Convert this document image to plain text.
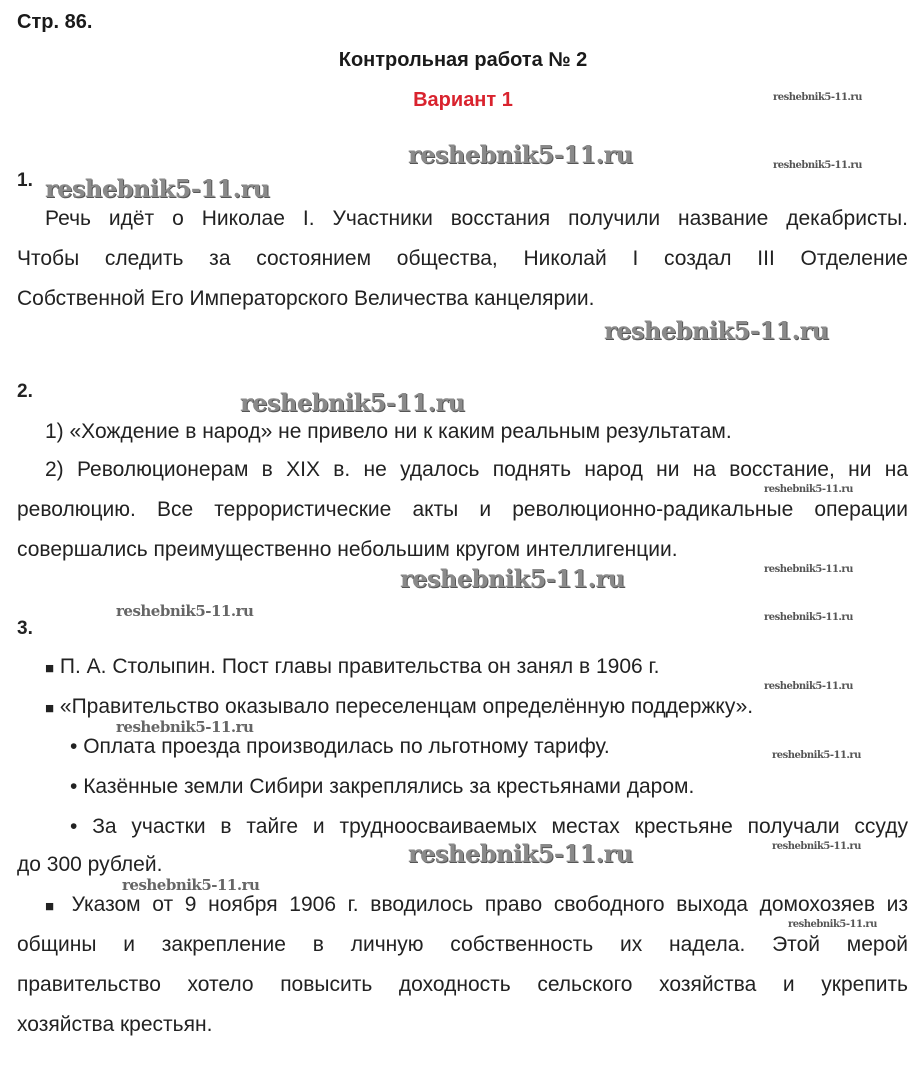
Стр. 86.
Контрольная работа № 2
Вариант 1
1.
Речь идёт о Николае I. Участники восстания получили название декабристы.
Чтобы следить за состоянием общества, Николай I создал III Отделение
Собственной Его Императорского Величества канцелярии.
2.
1) «Хождение в народ» не привело ни к каким реальным результатам.
2) Революционерам в XIX в. не удалось поднять народ ни на восстание, ни на
революцию. Все террористические акты и революционно-радикальные операции
совершались преимущественно небольшим кругом интеллигенции.
3.
■ П. А. Столыпин. Пост главы правительства он занял в 1906 г.
■ «Правительство оказывало переселенцам определённую поддержку».
• Оплата проезда производилась по льготному тарифу.
• Казённые земли Сибири закреплялись за крестьянами даром.
• За участки в тайге и трудноосваиваемых местах крестьяне получали ссуду
до 300 рублей.
■ Указом от 9 ноября 1906 г. вводилось право свободного выхода домохозяев из
общины и закрепление в личную собственность их надела. Этой мерой
правительство хотело повысить доходность сельского хозяйства и укрепить
хозяйства крестьян.
reshebnik5-11.ru
reshebnik5-11.ru
reshebnik5-11.ru
reshebnik5-11.ru
reshebnik5-11.ru
reshebnik5-11.ru
reshebnik5-11.ru
reshebnik5-11.ru
reshebnik5-11.ru
reshebnik5-11.ru
reshebnik5-11.ru
reshebnik5-11.ru
reshebnik5-11.ru
reshebnik5-11.ru
reshebnik5-11.ru
reshebnik5-11.ru
reshebnik5-11.ru
reshebnik5-11.ru
